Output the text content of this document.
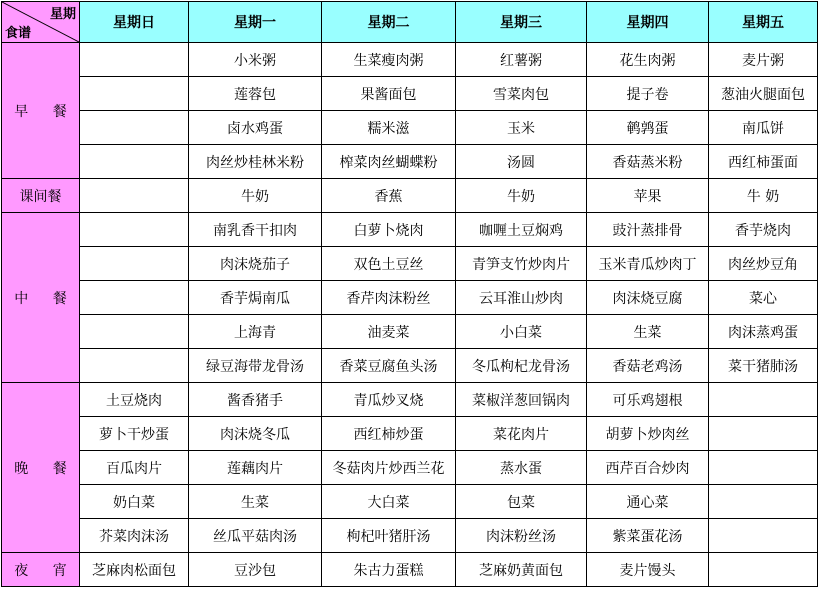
星期
食谱	星期日	星期一	星期二	星期三	星期四	星期五
早 餐		小米粥	生菜瘦肉粥	红薯粥	花生肉粥	麦片粥
		莲蓉包	果酱面包	雪菜肉包	提子卷	葱油火腿面包
		卤水鸡蛋	糯米滋	玉米	鹌鹑蛋	南瓜饼
		肉丝炒桂林米粉	榨菜肉丝蝴蝶粉	汤圆	香菇蒸米粉	西红柿蛋面
课间餐		牛奶	香蕉	牛奶	苹果	牛 奶
中 餐		南乳香干扣肉	白萝卜烧肉	咖喱土豆焖鸡	豉汁蒸排骨	香芋烧肉
		肉沫烧茄子	双色土豆丝	青笋支竹炒肉片	玉米青瓜炒肉丁	肉丝炒豆角
		香芋焗南瓜	香芹肉沫粉丝	云耳淮山炒肉	肉沫烧豆腐	菜心
		上海青	油麦菜	小白菜	生菜	肉沫蒸鸡蛋
		绿豆海带龙骨汤	香菜豆腐鱼头汤	冬瓜枸杞龙骨汤	香菇老鸡汤	菜干猪肺汤
晚 餐	土豆烧肉	酱香猪手	青瓜炒叉烧	菜椒洋葱回锅肉	可乐鸡翅根	
	萝卜干炒蛋	肉沫烧冬瓜	西红柿炒蛋	菜花肉片	胡萝卜炒肉丝	
	百瓜肉片	莲藕肉片	冬菇肉片炒西兰花	蒸水蛋	西芹百合炒肉	
	奶白菜	生菜	大白菜	包菜	通心菜	
	芥菜肉沫汤	丝瓜平菇肉汤	枸杞叶猪肝汤	肉沫粉丝汤	紫菜蛋花汤	
夜 宵	芝麻肉松面包	豆沙包	朱古力蛋糕	芝麻奶黄面包	麦片馒头	
